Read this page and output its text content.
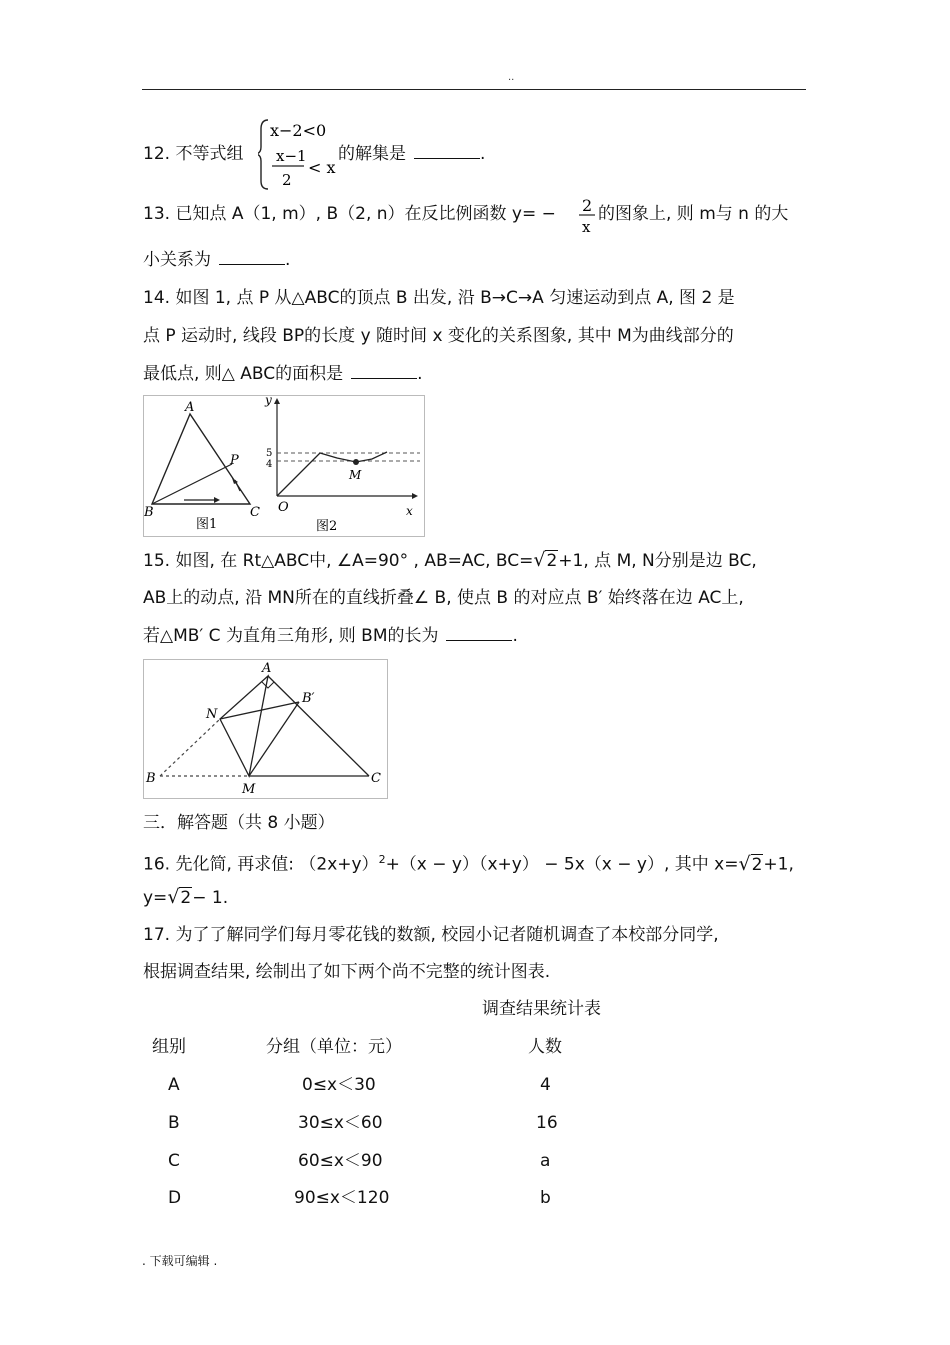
..
12. 不等式组
x−2<0
x−1
2
< x
的解集是	.
13. 已知点 A（1, m）, B（2, n）在反比例函数 y= − 2
x
的图象上, 则 m与 n 的大
小关系为	.
14. 如图 1, 点 P 从△ABC的顶点 B 出发, 沿 B→C→A 匀速运动到点 A, 图 2 是
点 P 运动时, 线段 BP的长度 y 随时间 x 变化的关系图象, 其中 M为曲线部分的
最低点, 则△ ABC的面积是	.
A
B	C
P
图1
y
x
O
5
4
M
图2
15. 如图, 在 Rt△ABC中, ∠A=90° , AB=AC, BC=√2+1, 点 M, N分别是边 BC,
AB上的动点, 沿 MN所在的直线折叠∠ B, 使点 B 的对应点 B′ 始终落在边 AC上,
若△MB′ C 为直角三角形, 则 BM的长为	.
A
B	C
M
N
B′
三．解答题（共 8 小题）
16. 先化简, 再求值: $(2x+y)^2+(x - y)(x+y) - 5x(x - y)$, 其中 x=√2+1,
y=√2− 1.
17. 为了了解同学们每月零花钱的数额, 校园小记者随机调查了本校部分同学,
根据调查结果, 绘制出了如下两个尚不完整的统计图表.
调查结果统计表
组别	分组（单位：元）	人数
A	0≤x＜30	4
B	30≤x＜60	16
C	60≤x＜90	a
D	90≤x＜120	b
. 下载可编辑 .
